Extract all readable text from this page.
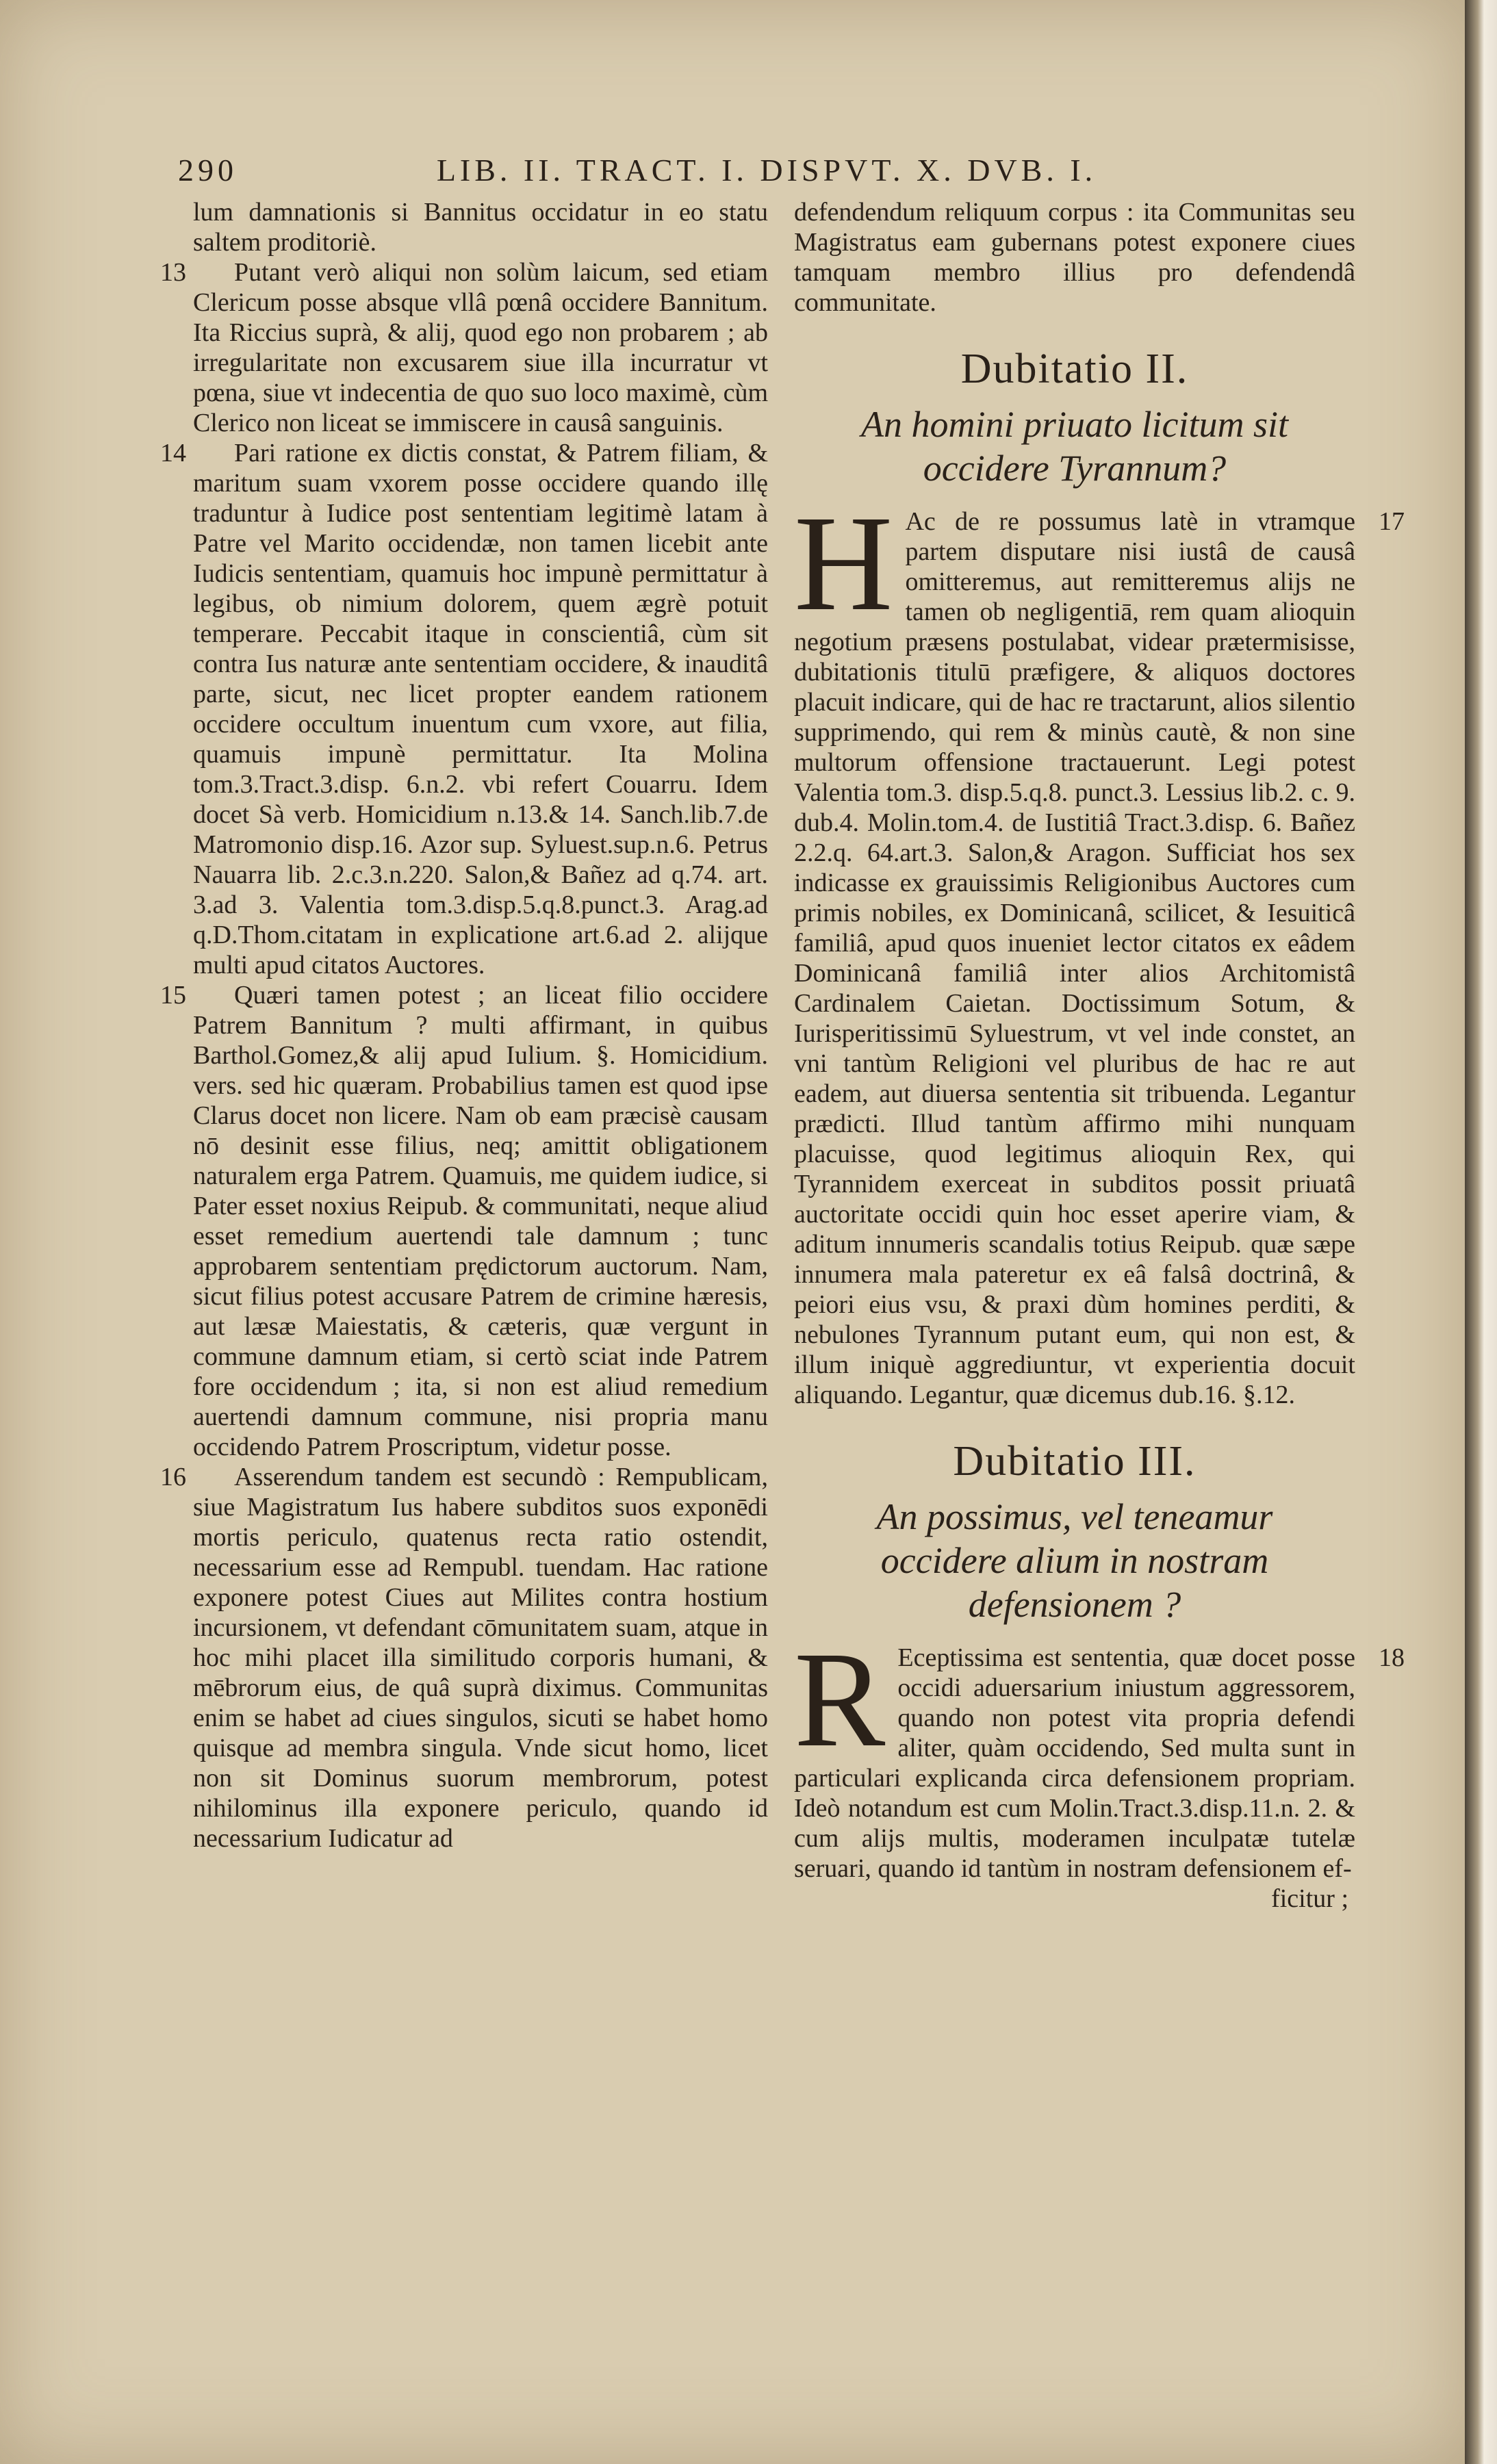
290	LIB. II. TRACT. I. DISPVT. X. DVB. I.

lum damnationis si Bannitus occidatur in eo statu saltem proditoriè.

13	Putant verò aliqui non solùm laicum, sed etiam Clericum posse absque vllâ pœnâ occidere Bannitum. Ita Riccius suprà, & alij, quod ego non probarem ; ab irregularitate non excusarem siue illa incurratur vt pœna, siue vt indecentia de quo suo loco maximè, cùm Clerico non liceat se immiscere in causâ sanguinis.

14	Pari ratione ex dictis constat, & Patrem filiam, & maritum suam vxorem posse occidere quando illę traduntur à Iudice post sententiam legitimè latam à Patre vel Marito occidendæ, non tamen licebit ante Iudicis sententiam, quamuis hoc impunè permittatur à legibus, ob nimium dolorem, quem ægrè potuit temperare. Peccabit itaque in conscientiâ, cùm sit contra Ius naturæ ante sententiam occidere, & inauditâ parte, sicut, nec licet propter eandem rationem occidere occultum inuentum cum vxore, aut filia, quamuis impunè permittatur. Ita Molina tom.3.Tract.3.disp. 6.n.2. vbi refert Couarru. Idem docet Sà verb. Homicidium n.13.& 14. Sanch.lib.7.de Matromonio disp.16. Azor sup. Syluest.sup.n.6. Petrus Nauarra lib. 2.c.3.n.220. Salon,& Bañez ad q.74. art. 3.ad 3. Valentia tom.3.disp.5.q.8.punct.3. Arag.ad q.D.Thom.citatam in explicatione art.6.ad 2. alijque multi apud citatos Auctores.

15	Quæri tamen potest ; an liceat filio occidere Patrem Bannitum ? multi affirmant, in quibus Barthol.Gomez,& alij apud Iulium. §. Homicidium. vers. sed hic quæram. Probabilius tamen est quod ipse Clarus docet non licere. Nam ob eam præcisè causam nō desinit esse filius, neq; amittit obligationem naturalem erga Patrem. Quamuis, me quidem iudice, si Pater esset noxius Reipub. & communitati, neque aliud esset remedium auertendi tale damnum ; tunc approbarem sententiam prędictorum auctorum. Nam, sicut filius potest accusare Patrem de crimine hæresis, aut læsæ Maiestatis, & cæteris, quæ vergunt in commune damnum etiam, si certò sciat inde Patrem fore occidendum ; ita, si non est aliud remedium auertendi damnum commune, nisi propria manu occidendo Patrem Proscriptum, videtur posse.

16	Asserendum tandem est secundò : Rempublicam, siue Magistratum Ius habere subditos suos exponēdi mortis periculo, quatenus recta ratio ostendit, necessarium esse ad Rempubl. tuendam. Hac ratione exponere potest Ciues aut Milites contra hostium incursionem, vt defendant cōmunitatem suam, atque in hoc mihi placet illa similitudo corporis humani, & mēbrorum eius, de quâ suprà diximus. Communitas enim se habet ad ciues singulos, sicuti se habet homo quisque ad membra singula. Vnde sicut homo, licet non sit Dominus suorum membrorum, potest nihilominus illa exponere periculo, quando id necessarium Iudicatur ad

defendendum reliquum corpus : ita Communitas seu Magistratus eam gubernans potest exponere ciues tamquam membro illius pro defendendâ communitate.

Dubitatio II.
An homini priuato licitum sit occidere Tyrannum?
17

H Ac de re possumus latè in vtramque partem disputare nisi iustâ de causâ omitteremus, aut remitteremus alijs ne tamen ob negligentiā, rem quam alioquin negotium præsens postulabat, videar prætermisisse, dubitationis titulū præfigere, & aliquos doctores placuit indicare, qui de hac re tractarunt, alios silentio supprimendo, qui rem & minùs cautè, & non sine multorum offensione tractauerunt. Legi potest Valentia tom.3. disp.5.q.8. punct.3. Lessius lib.2. c. 9. dub.4. Molin.tom.4. de Iustitiâ Tract.3.disp. 6. Bañez 2.2.q. 64.art.3. Salon,& Aragon. Sufficiat hos sex indicasse ex grauissimis Religionibus Auctores cum primis nobiles, ex Dominicanâ, scilicet, & Iesuiticâ familiâ, apud quos inueniet lector citatos ex eâdem Dominicanâ familiâ inter alios Architomistâ Cardinalem Caietan. Doctissimum Sotum, & Iurisperitissimū Syluestrum, vt vel inde constet, an vni tantùm Religioni vel pluribus de hac re aut eadem, aut diuersa sententia sit tribuenda. Legantur prædicti. Illud tantùm affirmo mihi nunquam placuisse, quod legitimus alioquin Rex, qui Tyrannidem exerceat in subditos possit priuatâ auctoritate occidi quin hoc esset aperire viam, & aditum innumeris scandalis totius Reipub. quæ sæpe innumera mala pateretur ex eâ falsâ doctrinâ, & peiori eius vsu, & praxi dùm homines perditi, & nebulones Tyrannum putant eum, qui non est, & illum iniquè aggrediuntur, vt experientia docuit aliquando. Legantur, quæ dicemus dub.16. §.12.

Dubitatio III.
An possimus, vel teneamur occidere alium in nostram defensionem ?
18

R Eceptissima est sententia, quæ docet posse occidi aduersarium iniustum aggressorem, quando non potest vita propria defendi aliter, quàm occidendo, Sed multa sunt in particulari explicanda circa defensionem propriam. Ideò notandum est cum Molin.Tract.3.disp.11.n. 2. & cum alijs multis, moderamen inculpatæ tutelæ seruari, quando id tantùm in nostram defensionem ef-

ficitur ;
